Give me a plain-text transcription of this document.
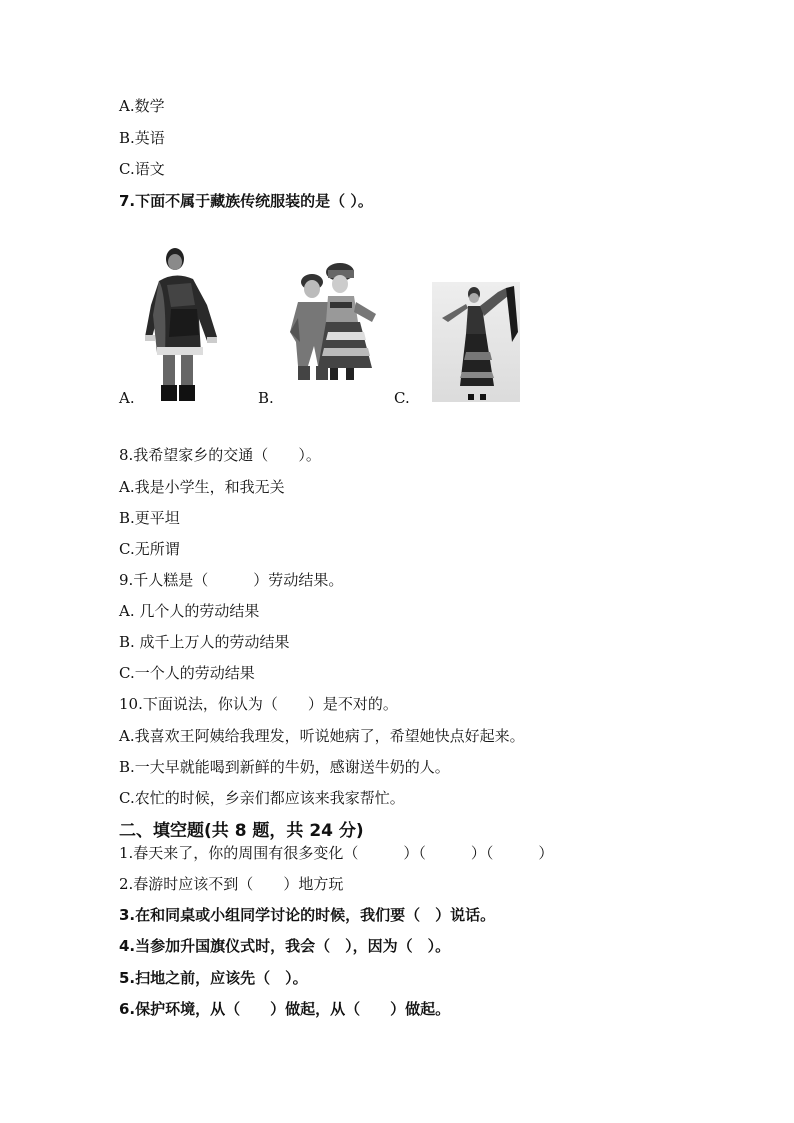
A.数学
B.英语
C.语文
7.下面不属于藏族传统服装的是（ ）。
A.	B.	C.
8.我希望家乡的交通（　　）。
A.我是小学生，和我无关
B.更平坦
C.无所谓
9.千人糕是（　　　）劳动结果。
A. 几个人的劳动结果
B. 成千上万人的劳动结果
C.一个人的劳动结果
10.下面说法，你认为（　　）是不对的。
A.我喜欢王阿姨给我理发，听说她病了，希望她快点好起来。
B.一大早就能喝到新鲜的牛奶，感谢送牛奶的人。
C.农忙的时候，乡亲们都应该来我家帮忙。
二、填空题(共 8 题，共 24 分)
1.春天来了，你的周围有很多变化（　　　）（　　　）（　　　）
2.春游时应该不到（　　）地方玩
3.在和同桌或小组同学讨论的时候，我们要（　）说话。
4.当参加升国旗仪式时，我会（　），因为（　）。
5.扫地之前，应该先（　）。
6.保护环境，从（　　）做起，从（　　）做起。
